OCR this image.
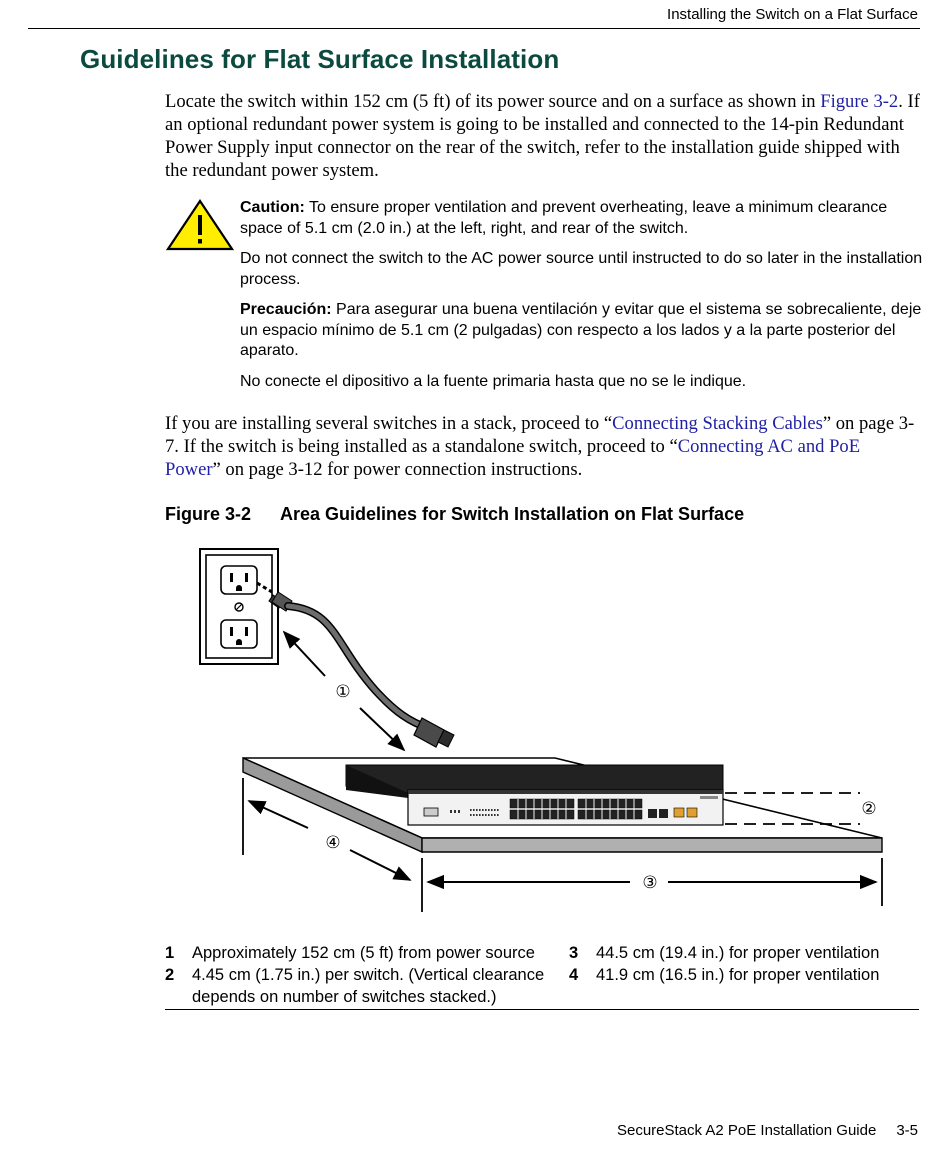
Installing the Switch on a Flat Surface
Guidelines for Flat Surface Installation

Locate the switch within 152 cm (5 ft) of its power source and on a surface as shown in Figure 3-2. If an optional redundant power system is going to be installed and connected to the 14-pin Redundant Power Supply input connector on the rear of the switch, refer to the installation guide shipped with the redundant power system.

Caution: To ensure proper ventilation and prevent overheating, leave a minimum clearance space of 5.1 cm (2.0 in.) at the left, right, and rear of the switch.

Do not connect the switch to the AC power source until instructed to do so later in the installation process.

Precaución: Para asegurar una buena ventilación y evitar que el sistema se sobrecaliente, deje un espacio mínimo de 5.1 cm (2 pulgadas) con respecto a los lados y a la parte posterior del aparato.

No conecte el dipositivo a la fuente primaria hasta que no se le indique.

If you are installing several switches in a stack, proceed to “Connecting Stacking Cables” on page 3-7. If the switch is being installed as a standalone switch, proceed to “Connecting AC and PoE Power” on page 3-12 for power connection instructions.

Figure 3-2 Area Guidelines for Switch Installation on Flat Surface
①
②
④
③
1 Approximately 152 cm (5 ft) from power source
2 4.45 cm (1.75 in.) per switch. (Vertical clearance depends on number of switches stacked.)
3 44.5 cm (19.4 in.) for proper ventilation
4 41.9 cm (16.5 in.) for proper ventilation
SecureStack A2 PoE Installation Guide 3-5
